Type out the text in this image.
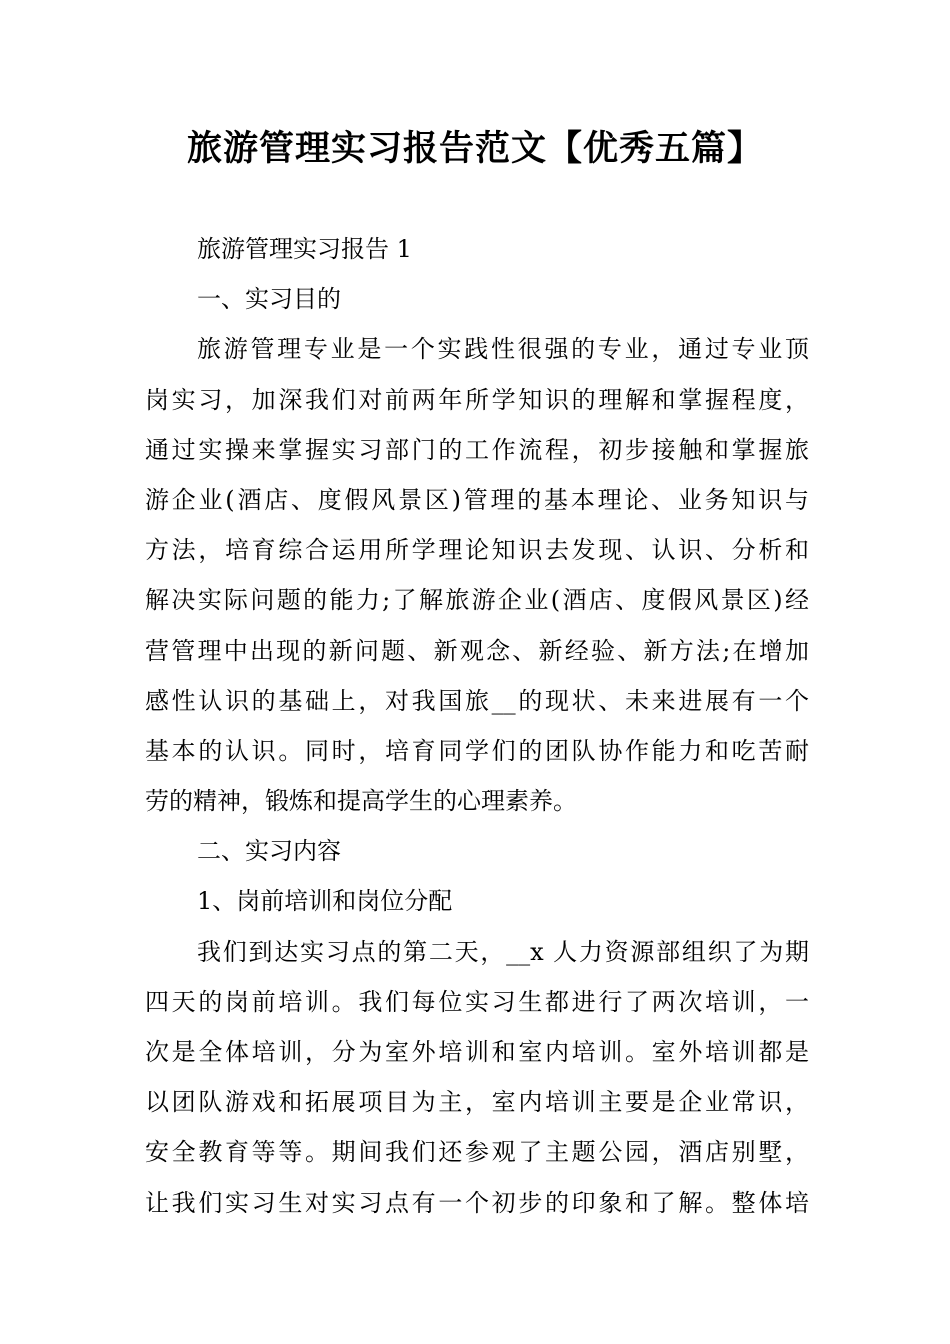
旅游管理实习报告范文【优秀五篇】
旅游管理实习报告 1
一、实习目的
旅游管理专业是一个实践性很强的专业，通过专业顶
岗实习，加深我们对前两年所学知识的理解和掌握程度，
通过实操来掌握实习部门的工作流程，初步接触和掌握旅
游企业(酒店、度假风景区)管理的基本理论、业务知识与
方法，培育综合运用所学理论知识去发现、认识、分析和
解决实际问题的能力;了解旅游企业(酒店、度假风景区)经
营管理中出现的新问题、新观念、新经验、新方法;在增加
感性认识的基础上，对我国旅__的现状、未来进展有一个
基本的认识。同时，培育同学们的团队协作能力和吃苦耐
劳的精神，锻炼和提高学生的心理素养。
二、实习内容
1、岗前培训和岗位分配
我们到达实习点的第二天，__x 人力资源部组织了为期
四天的岗前培训。我们每位实习生都进行了两次培训，一
次是全体培训，分为室外培训和室内培训。室外培训都是
以团队游戏和拓展项目为主，室内培训主要是企业常识，
安全教育等等。期间我们还参观了主题公园，酒店别墅，
让我们实习生对实习点有一个初步的印象和了解。整体培
